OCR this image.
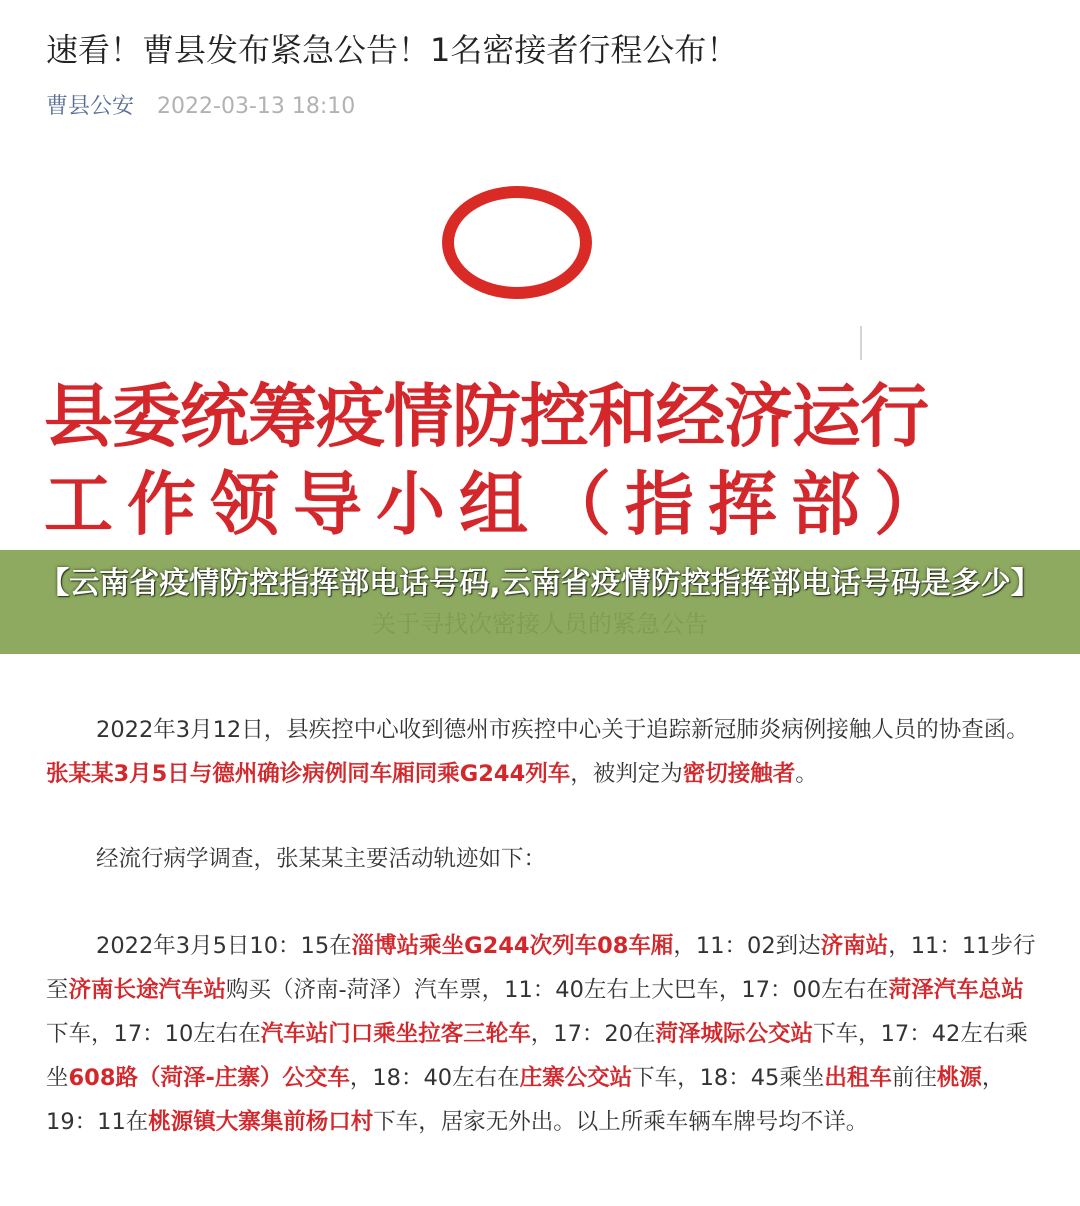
速看！曹县发布紧急公告！1名密接者行程公布！
曹县公安 2022-03-13 18:10
县委统筹疫情防控和经济运行
工作领导小组（指挥部）
【云南省疫情防控指挥部电话号码,云南省疫情防控指挥部电话号码是多少】

2022年3月12日，县疾控中心收到德州市疾控中心关于追踪新冠肺炎病例接触人员的协查函。张某某3月5日与德州确诊病例同车厢同乘G244列车，被判定为密切接触者。

经流行病学调查，张某某主要活动轨迹如下：

2022年3月5日10：15在淄博站乘坐G244次列车08车厢，11：02到达济南站，11：11步行至济南长途汽车站购买（济南-菏泽）汽车票，11：40左右上大巴车，17：00左右在菏泽汽车总站下车，17：10左右在汽车站门口乘坐拉客三轮车，17：20在菏泽城际公交站下车，17：42左右乘坐608路（菏泽-庄寨）公交车，18：40左右在庄寨公交站下车，18：45乘坐出租车前往桃源，19：11在桃源镇大寨集前杨口村下车，居家无外出。以上所乘车辆车牌号均不详。
